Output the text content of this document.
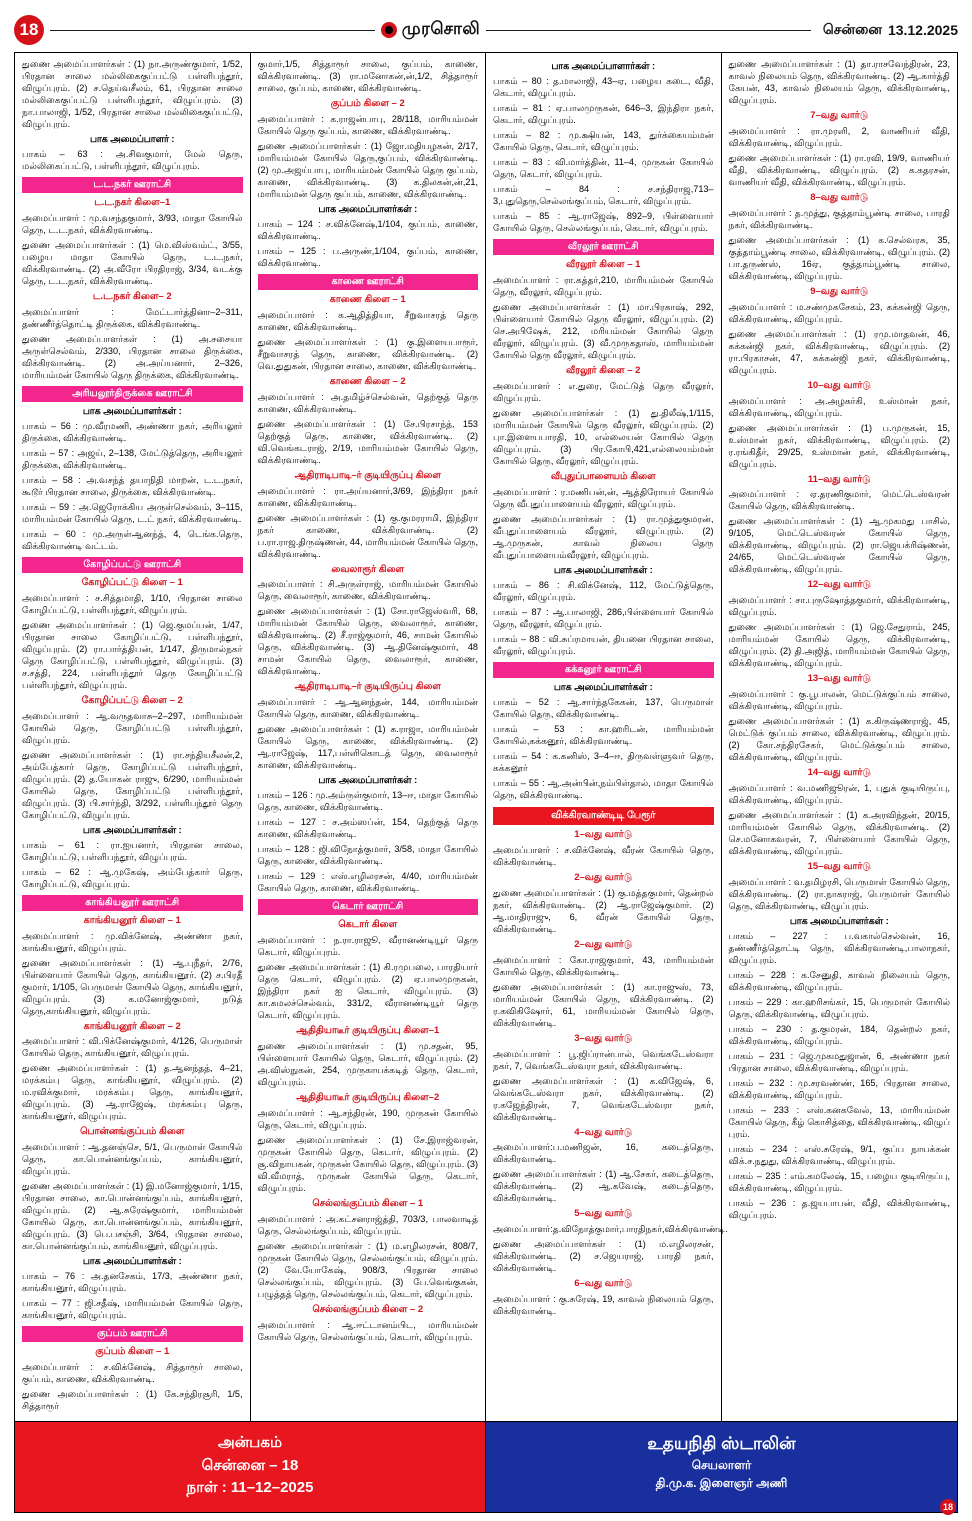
18	முரசொலி	சென்னை 13.12.2025
துணை அமைப்பாளர்கள் : (1) நா.அருண்குமார், 1/52, பிரதான சாலை மல்லிகைகுப்பட்டு பள்ளிபந்தூர், விழுப்புரம். (2) ச.தெய்வசீலம், 61, பிரதான சாலை மல்லிகைகுப்பட்டு பள்ளிபந்தூர், விழுப்புரம். (3) நா.பாலாஜி, 1/52, பிரதான சாலை மல்லிகைகுப்பட்டு, விழுப்புரம்.
பாக அமைப்பாளர் :
பாகம் – 63 : அ.சிவகுமார், மேல் தெரு, மல்லிகைப்பட்டு, பள்ளிபந்தூர், விழுப்புரம்.
ட.ட.நகர் ஊராட்சி
ட.ட.நகர் கிளை–1
அமைப்பாளர் : மு.வசந்தகுமார், 3/93, மாதா கோயில் தெரு, ட.ட.நகர், விக்கிரவாண்டி.
துணை அமைப்பாளர்கள் : (1) மெ.விஸ்வம்ட், 3/55, பழைய மாதா கோயில் தெரு, ட.ட.நகர், விக்கிரவாண்டி. (2) அ.வீரோ பிரதிராஜ், 3/34, வடக்கு தெரு, ட.ட.நகர், விக்கிரவாண்டி.
ட.ட.நகர் கிளை– 2
அமைப்பாளர் : மேட்டார்த்தினா–2–311, தண்ணீர்த்தொட்டி திருக்கை, விக்கிரவாண்டி.
துணை அமைப்பாளர்கள் : (1) அ.சசையா அருள்செல்வம், 2/330, பிரதான சாலை திருக்கை, விக்கிரவாண்டி. (2) அ.அய்யனார், 2–326, மாரியம்மன் கோயில் தெரு திருக்கை, விக்கிரவாண்டி.
அரியலூர்திருக்கை ஊராட்சி
பாக அமைப்பாளர்கள் :
பாகம் – 56 : மு.வீரமணி, அண்ணா நகர், அரியலூர் திருக்கை, விக்கிரவாண்டி.
பாகம் – 57 : அஜய், 2–138, மேட்டுத்தெரு, அரியலூர் திருக்கை, விக்கிரவாண்டி.
பாகம் – 58 : அ.வசந்த் தயாநிதி மாறன், ட.ட.நகர், கூடூர் பிரதான சாலை, திருக்கை, விக்கிரவாண்டி.
பாகம் – 59 : அ.ஜெரோக்கிய அருள்செல்வம், 3–115, மாரியம்மன் கோயில் தெரு, ட.ட் நகர், விக்கிரவாண்டி.
பாகம் – 60 : மு.அருள்ஆனந்த், 4, டெங்க.தெரு, விக்கிரவாண்டி வட்டம்.
கோழிப்பட்டு ஊராட்சி
கோழிப்பட்டு கிளை – 1
அமைப்பாளர் : ச.சித்தமாதி, 1/10, பிரதான சாலை கோழிப்பட்டு, பள்ளிபந்தூர், விழுப்புரம்.
துணை அமைப்பாளர்கள் : (1) ஜெ.குமப்பன், 1/47, பிரதான சாலை கோழிப்பட்டு, பள்ளிபந்தூர், விழுப்புரம். (2) ரா.பார்த்திபன், 1/147, திருமால்நகர் தெரு கோழிப்பட்டு, பள்ளிபந்தூர், விழுப்புரம். (3) ச.சத்தி, 224, பள்ளிபந்தூர் தெரு கோழிப்பட்டு பள்ளிபந்தூர், விழுப்புரம்.
கோழிப்பட்டு கிளை – 2
அமைப்பாளர் : ஆ.வருதவாசு–2–297, மாரியம்மன் கோயில் தெரு, கோழிப்பட்டு பள்ளிபந்தூர், விழுப்புரம்.
துணை அமைப்பாளர்கள் : (1) ரா.சந்தியசீலன்,2, அம்பேத்கார் தெரு, கோழிப்பட்டு பள்ளிபந்தூர், விழுப்புரம். (2) த.யோகன் ராஜு, 6/290, மாரியம்மன் கோயில் தெரு, கோழிப்பட்டு பள்ளிபந்தூர், விழுப்புரம். (3) பி.சார்ந்தி, 3/292, பள்ளிபந்தூர் தெரு கோழிப்பட்டு, விழுப்புரம்.
பாக அமைப்பாளர்கள் :
பாகம் – 61 : ரா.ஐயனார், பிரதான சாலை, கோழிப்பட்டு, பள்ளிபந்தூர், விழுப்புரம்.
பாகம் – 62 : ஆ.முகேஷ், அம்பேத்கார் தெரு, கோழிப்பட்டு, விழுப்புரம்.
காங்கியனூர் ஊராட்சி
காங்கியனூர் கிளை – 1
அமைப்பாளர் : மு.விக்னேஷ், அண்ணா நகர், காங்கியனூர், விழுப்புரம்.
துணை அமைப்பாளர்கள் : (1) ஆ.புநீதர், 2/76, பிள்ளையார் கோயில் தெரு, காங்கியனூர். (2) ச.பிரதீ குமார், 1/105, பெருமாள் கோயில் தெரு, காங்கியனூர், விழுப்புரம். (3) க.மனோஜ்குமார், நடுத் தெரு,காங்கியனூர், விழுப்புரம்.
காங்கியனூர் கிளை – 2
அமைப்பாளர் : வி.பிக்னேஷ்குமார், 4/126, பெருமாள் கோயில் தெரு, காங்கியனூர், விழுப்புரம்.
துணை அமைப்பாளர்கள் : (1) த.ஆனந்தத், 4–21, மரக்கம்பு தெரு, காங்கியனூர், விழுப்புரம். (2) ம.ரவிக்குமார், மரக்கம்பு தெரு, காங்கியனூர், விழுப்புரம். (3) ஆ.ராஜேஷ், மரக்கம்பு தெரு, காங்கியனூர், விழுப்புரம்.
பொன்னங்குப்பம் கிளை
அமைப்பாளர் : ஆ.தனஞ்செ, 5/1, பெருமாள் கோயில் தெரு, கா.பொன்னங்குப்பம், காங்கியனூர், விழுப்புரம்.
துணை அமைப்பாளர்கள் : (1) இ.மனோஜ்குமார், 1/15, பிரதான சாலை, கா.பொன்னங்குப்பம், காங்கியனூர், விழுப்புரம். (2) ஆ.சுரேஷ்குமார், மாரியம்மன் கோயில் தெரு, கா.பொன்னங்குப்பம், காங்கியனூர், விழுப்புரம். (3) பெ.பசஞ்சி, 3/64, பிரதான சாலை, கா.பொன்னங்குப்பம், காங்கியனூர், விழுப்புரம்.
பாக அமைப்பாளர்கள் :
பாகம் – 76 : அ.தனசேகம், 17/3, அண்ணா நகர், காங்கியனூர், விழுப்புரம்.
பாகம் – 77 : ஜி.சதீஷ், மாரியம்மன் கோயில் தெரு, காங்கியனூர், விழுப்புரம்.
குப்பம் ஊராட்சி
குப்பம் கிளை – 1
அமைப்பாளர் : ச.விக்னேஷ், சித்தாரூர் சாலை, குப்பம், காணை, விக்கிரவாண்டி.
துணை அமைப்பாளர்கள் : (1) கே.சந்திரசூரி, 1/5, சித்தாரூர்
குமார்,1/5, சித்தாரூர் சாலை, குப்பம், காணை, விக்கிரவாண்டி. (3) ரா.மனோகன்,ன்,1/2, சித்தாரூர் சாலை, குப்பம், காணை, விக்கிரவாண்டி.
குப்பம் கிளை – 2
அமைப்பாளர் : க.ராஜன்பாபு, 28/118, மாரியம்மன் கோயில் தெரு குப்பம், காணை, விக்கிரவாண்டி.
துணை அமைப்பாளர்கள் : (1) ஜோ.மதியழகன், 2/17, மாரியம்மன் கோயில் தெரு,குப்பம், விக்கிரவாண்டி. (2) மு.அஜய்பாபு, மாரியம்மன் கோயில் தெரு குப்பம், காணை, விக்கிரவாண்டி. (3) க.திலகன்,ன்,21, மாரியம்மன் தெரு குப்பம், காணை, விக்கிரவாண்டி.
பாக அமைப்பாளர்கள் :
பாகம் – 124 : ச.விக்னேஷ்,1/104, குப்பம், காணை, விக்கிரவாண்டி.
பாகம் – 125 : ப.அருண்,1/104, குப்பம், காணை, விக்கிரவாண்டி.
காணை ஊராட்சி
காணை கிளை – 1
அமைப்பாளர் : க.ஆதித்தியா, சீறுவாசரத் தெரு காணை, விக்கிரவாண்டி.
துணை அமைப்பாளர்கள் : (1) கு.இளையபாரூர், சீறுவாசரத் தெரு, காணை, விக்கிரவாண்டி. (2) வெ.துதுகன், பிரதான சாலை, காணை, விக்கிரவாண்டி.
காணை கிளை – 2
அமைப்பாளர் : அ.தமிழ்ச்செல்வன், தெற்குத் தெரு காணை, விக்கிரவாண்டி.
துணை அமைப்பாளர்கள் : (1) சே.பிரசாந்த், 153 தெற்குத் தெரு, காணை, விக்கிரவாண்டி. (2) வி.வெங்கடராஜ், 2/19, மாரியம்மன் கோயில் தெரு, விக்கிரவாண்டி.
ஆதிராடிபாடி–ர் குடியிருப்பு கிளை
அமைப்பாளர் : ரா.அய்யனார்,3/69, இந்திரா நகர் காணை, விக்கிரவாண்டி.
துணை அமைப்பாளர்கள் : (1) கு.குமரராமி, இந்திரா நகர் காணை, விக்கிரவாண்டி. (2) ப.ரா.ராஜ.திருஷ்ணன், 44, மாரியம்மன் கோயில் தெரு, விக்கிரவாண்டி.
வைலாரூர் கிளை
அமைப்பாளர் : சி.அருள்ராஜ், மாரியம்மன் கோயில் தெரு, வைலாரூர், காணை, விக்கிரவாண்டி.
துணை அமைப்பாளர்கள் : (1) சோ.ராஜேஸ்வரி, 68, மாரியம்மன் கோயில் தெரு, வைலாரூர், காணை, விக்கிரவாண்டி. (2) சீ.ராஜ்குமார், 46, சாமன் கோயில் தெரு, விக்கிரவாண்டி. (3) ஆ.தினேஷ்குமார், 48 சாமன் கோயில் தெரு, வைலாரூர், காணை, விக்கிரவாண்டி.
ஆதிராடிபாடி–ர் குடியிருப்பு கிளை
அமைப்பாளர் : ஆ.ஆனந்தன், 144, மாரியம்மன் கோயில் தெரு, காணை, விக்கிரவாண்டி.
துணை அமைப்பாளர்கள் : (1) க.ராஜா, மாரியம்மன் கோயில் தெரு, காணை, விக்கிரவாண்டி. (2) ஆ.ராஜேஷ், 117,பள்ளிகொடத் தெரு, வைலாரூர் காணை, விக்கிரவாண்டி.
பாக அமைப்பாளர்கள் :
பாகம் – 126 : மு.அம்ருள்குமார், 13–ஈ, மாதா கோயில் தெரு, காணை, விக்கிரவாண்டி.
பாகம் – 127 : ச.அம்ஸப்ன், 154, தெற்குத் தெரு காணை, விக்கிரவாண்டி.
பாகம் – 128 : ஜி.விநோத்குமார், 3/58, மாதா கோயில் தெரு, காணை, விக்கிரவாண்டி.
பாகம் – 129 : எஸ்.எழிலரசன், 4/40, மாரியம்மன் கோயில் தெரு, காணை, விக்கிரவாண்டி.
கெடார் ஊராட்சி
கெடார் கிளை
அமைப்பாளர் : ந.ரா.ராஜூ, வீரானண்டியூர் தெரு கெடார், விழுப்புரம்.
துணை அமைப்பாளர்கள் : (1) கி.ரமுபலை, பாரதியார் தெரு கெடார், விழுப்புரம். (2) ஏ.பாலமுருகன், இந்திரா நகர் ஐ கெடார், விழுப்புரம். (3) கா.கமலச்செல்வம், 331/2, வீரானண்டியூர் தெரு கெடார், விழுப்புரம்.
ஆதிதியாடீர் குடியிருப்பு கிளை–1
துணை அமைப்பாளர்கள் : (1) மு.சதன், 95, பிள்ளையார் கோயில் தெரு, கெடார், விழுப்புரம். (2) அ.விஸ்நுகன், 254, முருகாயக்கடித் தெரு, கெடார், விழுப்புரம்.
ஆதிதியாடீர் குடியிருப்பு கிளை–2
அமைப்பாளர் : ஆ.சந்திரன், 190, முருகன் கோயில் தெரு, கெடார், விழுப்புரம்.
துணை அமைப்பாளர்கள் : (1) சே.இராஜ்வரன், முருகன் கோயில் தெரு, கெடார், விழுப்புரம். (2) சூ.விநாயகன், முருகன் கோயில் தெரு, விழுப்புரம். (3) வி.வீமராத், முருகன் கோயில் தெரு, கெடார், விழுப்புரம்.
செல்லங்குப்பம் கிளை – 1
அமைப்பாளர் : அ.கட்சனராஜ்த்தி, 703/3, பாலவாடித் தெரு, செல்லங்குப்பம், விழுப்புரம்.
துணை அமைப்பாளர்கள் : (1) ம.எழிலரசன், 808/7, முருகன் கோயில் தெரு, செல்லங்குப்பம், விழுப்புரம். (2) வே.யோகேஷ், 908/3, பிரதான சாலை செல்லங்குப்பம், விழுப்புரம். (3) பே.வெங்குகன், பழுத்தத் தெரு, செல்லங்குப்பம், கெடார், விழுப்புரம்.
செல்லங்குப்பம் கிளை – 2
அமைப்பாளர் : ஆ.ஈட்டானம்பிட, மாரியம்மன் கோயில் தெரு, செல்லங்குப்பம், கெடார், விழுப்புரம்.
பாக அமைப்பாளார்கள் :
பாகம் – 80 : த.மாலாஜி, 43–ஏ, பழைய கடை, வீதி, கெடார், விழுப்புரம்.
பாகம் – 81 : ஏ.பாலமுருகன், 646–3, இந்திரா நகர், கெடார், விழுப்புரம்.
பாகம் – 82 : மு.க்ஷியன், 143, துர்க்கையம்மன் கோயில் தெரு, கெடார், விழுப்புரம்.
பாகம் – 83 : வி.மார்த்தின், 11–4, முருகன் கோயில் தெரு, கெடார், விழுப்புரம்.
பாகம் – 84 : ச.சந்திராஜ,713–3,புதுதெரு,செல்லங்குப்பம், கெடார், விழுப்புரம்.
பாகம் – 85 : ஆ.ராஜேஷ், 892–9, பிள்ளையார் கோயில் தெரு, செல்லங்குப்பம், கெடார், விழுப்புரம்.
வீரலூர் ஊராட்சி
வீரலூர் கிளை – 1
அமைப்பாளர் : ரா.கத்தர்,210, மாரியம்மன் கோயில் தெரு, வீரலூர், விழுப்புரம்.
துணை அமைப்பாளர்கள் : (1) மா.பிரகாஷ், 292, பிள்ளையார் கோயில் தெரு வீரலூர், விழுப்புரம். (2) செ.அபிஷேக், 212, மரியம்மன் கோயில் தெரு வீரலூர், விழுப்புரம். (3) வீ.முருகதாஸ், மாரியம்மன் கோயில் தெரு வீரலூர், விழுப்புரம்.
வீரலூர் கிளை – 2
அமைப்பாளர் : எ.துரை, மேட்டுத் தெரு வீரலூர், விழுப்புரம்.
துணை அமைப்பாளர்கள் : (1) து.திலீஷ்,1/115, மாரியம்மன் கோயில் தெரு வீரலூர், விழுப்புரம். (2) புா.இளையபாரதி, 10, எல்லையன் கோயில் தெரு விழுப்புரம். (3) பிர.கோபி,421,எல்லையம்மன் கோயில் தெரு, வீரலூர், விழுப்புரம்.
வீபுதுப்பாளையம் கிளை
அமைப்பாளர் : ர.மணிபன்,ன், ஆத்திரோயர் கோயில் தெரு வீபுதுப்பாளையம் வீரலூர், விழுப்புரம்.
துணை அமைப்பாளர்கள் : (1) ரா.முத்துகுமரன், வீபுதுப்பாளையம் வீரலூர், விழுப்புரம். (2) ஆ.முருகன், காவல் நிலைய தெரு வீபுதுப்பாளையம்வீரலூர், விழுப்புரம்.
பாக அமைப்பாளர்கள் :
பாகம் – 86 : சி.விக்னேஷ், 112, மேட்டுத்தெரு, வீரலூர், விழுப்புரம்.
பாகம் – 87 : ஆ.பாலாஜி, 286,பிள்ளையார் கோயில் தெரு, வீரலூர், விழுப்புரம்.
பாகம் – 88 : வி.சுப்ரமாயன், தியனை பிரதான சாலை, வீரலூர், விழுப்புரம்.
கக்கனூர் ஊராட்சி
பாக அமைப்பாளர்கள் :
பாகம் – 52 : ஆ.சார்ந்தகேகன், 137, பெருமாள் கோயில் தெரு, விக்கிரவாண்டி.
பாகம் – 53 : கா.ஹரிடன், மாரியம்மன் கோயில்,கக்கனூர், விக்கிரவாண்டி.
பாகம் – 54 : க.கனிஸ், 3–4–ஈ, திருவள்ளுவர் தெரு, கக்கனூர்
பாகம் – 55 : ஆ.அன்பின்,நம்பிள்தால், மாதா கோயில் தெரு, விக்கிரவாண்டி.
விக்கிரவாண்டிடி பேரூர்
1–வது வார்டு
அமைப்பாளர் : ச.விக்னேஷ், வீரன் கோயில் தெரு, விக்கிரவாண்டி.
2–வது வார்டு
துணை அமைப்பாளர்கள் : (1) கு.மத்தகுமார், தென்றல் நகர், விக்கிரவாண்டி. (2) ஆ.ராஜேஷ்குமார். (2) ஆ.மாதிராஜு, 6, வீரன் கோயில் தெரு, விக்கிரவாண்டி.
2–வது வார்டு
அமைப்பாளர் : கோ.ராஜகுமார், 43, மாரியம்மன் கோயில் தெரு, விக்கிரவாண்டி.
துணை அமைப்பாளர்கள் : (1) கா.ராஜுஸ், 73, மாரியம்மன் கோயில் தெரு, விக்கிரவாண்டி. (2) ர.கவிகிஷோர், 61, மாரியம்மன் கோயில் தெரு, விக்கிரவாண்டி.
3–வது வார்டு
அமைப்பாளர் : பூ.ஜிப்ரான்பால், வெங்கடேஸ்வரா நகர், 7, வெங்கடேஸ்வரா நகர், விக்கிரவாண்டி.
துணை அமைப்பாளர்கள் : (1) க.விஜேஷ், 6, வெங்கடேஸ்வரா நகர், விக்கிரவாண்டி. (2) ர.கஜேந்திரன், 7, வெங்கடேஸ்வரா நகர், விக்கிரவாண்டி.
4–வது வார்டு
அமைப்பாளர்:ப.மணிஜன், 16, கடைத்தெரு, விக்கிரவாண்டி.
துணை அமைப்பாளர்கள் : (1) ஆ.சேகர், கடைத்தெரு, விக்கிரவாண்டி. (2) ஆ.கவேஷ், கடைத்தெரு, விக்கிரவாண்டி.
5–வது வார்டு
அமைப்பாளர்:த.விநோத்குமார்,பாரதிநகர்,விக்கிரவாண்டி.
துணை அமைப்பாளர்கள் : (1) ம.எழிலரசன், விக்கிரவாண்டி. (2) ச.ஜெயராஜ், பாரதி நகர், விக்கிரவாண்டி.
6–வது வார்டு
அமைப்பாளர் : கு.சுரேஷ், 19, காவல் நிலையம் தெரு, விக்கிரவாண்டி.
துணை அமைப்பாளர்கள் : (1) தா.ராசவேந்திரன், 23, காவல் நிலையம் தெரு, விக்கிரவாண்டி. (2) ஆ.கார்த்தி கேயன், 43, காவல் நிலையம் தெரு, விக்கிரவாண்டி, விழுப்புரம்.
7–வது வார்டு
அமைப்பாளர் : ரா.முரளி, 2, வாணியர் வீதி, விக்கிரவாண்டி, விழுப்புரம்.
துணை அமைப்பாளர்கள் : (1) ரா.ரவி, 19/9, வாணியர் வீதி, விக்கிரவாண்டி, விழுப்புரம். (2) க.கதரசன், வாணியர் வீதி, விக்கிரவாண்டி, விழுப்புரம்.
8–வது வார்டு
அமைப்பாளர் : த.முத்து, குத்தாம்பூண்டி சாலை, பாரதி நகர், விக்கிரவாண்டி.
துணை அமைப்பாளர்கள் : (1) க.செல்வரசு, 35, குத்தாம்பூண்டி சாலை, விக்கிரவாண்டி, விழுப்புரம். (2) பா.தருண்ஸ், 16ஏ, குத்தாம்பூண்டி சாலை, விக்கிரவாண்டி, விழுப்புரம்.
9–வது வார்டு
அமைப்பாளர் : ம.சண்முகசேகம், 23, கக்கன்ஜி தெரு, விக்கிரவாண்டி, விழுப்புரம்.
துணை அமைப்பாளர்கள் : (1) ரமு.மாதவன், 46, கக்கன்ஜி நகர், விக்கிரவாண்டி, விழுப்புரம். (2) ரா.பிரகாசன், 47, கக்கன்ஜி நகர், விக்கிரவாண்டி, விழுப்புரம்.
10–வது வார்டு
அமைப்பாளர் : அ.அழகர்கி, உஸ்மான் நகர், விக்கிரவாண்டி, விழுப்புரம்.
துணை அமைப்பாளர்கள் : (1) ப.முருகன், 15, உஸ்மான் நகர், விக்கிரவாண்டி, விழுப்புரம். (2) ர.ரங்கிதீர், 29/25, உஸ்மான் நகர், விக்கிரவாண்டி, விழுப்புரம்.
11–வது வார்டு
அமைப்பாளர் : ஏ.தரணிகுமார், மெட்டெஸ்வரன் கோயில் தெரு, விக்கிரவாண்டி.
துணை அமைப்பாளர்கள் : (1) ஆ.முகமது பாசில், 9/105, மெட்டெஸ்வரன் கோயில் தெரு, விக்கிரவாண்டி, விழுப்புரம். (2) ரா.ஜெயக்ரிஷ்ணன், 24/65, மெட்டெஸ்வரன் கோயில் தெரு, விக்கிரவாண்டி, விழுப்புரம்.
12–வது வார்டு
அமைப்பாளர் : சா.புருஷோத்தகுமார், விக்கிரவாண்டி, விழுப்புரம்.
துணை அமைப்பாளர்கள் : (1) ஜெ.சேதுராம், 245, மாரியம்மன் கோயில் தெரு, விக்கிரவாண்டி, விழுப்புரம். (2) தி.அஜித், மாரியம்மன் கோயில் தெரு, விக்கிரவாண்டி, விழுப்புரம்.
13–வது வார்டு
அமைப்பாளர் : கு.பூபாலன், மெட்டுக்குப்பம் சாலை, விக்கிரவாண்டி, விழுப்புரம்.
துணை அமைப்பாளர்கள் : (1) க.கிருஷ்ணராஜ், 45, மெட்டுக் குப்பம் சாலை, விக்கிரவாண்டி, விழுப்புரம். (2) கோ.சந்திரசேகர், மெட்டுக்குப்பம் சாலை, விக்கிரவாண்டி, விழுப்புரம்.
14–வது வார்டு
அமைப்பாளர் : வ.மணிஜூரன், 1, புதுக் குடியிருப்பு, விக்கிரவாண்டி, விழுப்புரம்.
துணை அமைப்பாளர்கள் : (1) க.அரவிந்தன், 20/15, மாரியம்மன் கோயில் தெரு, விக்கிரவாண்டி. (2) செ.மனோகவரன், 7, பிள்ளையார் கோயில் தெரு, விக்கிரவாண்டி, விழுப்புரம்.
15–வது வார்டு
அமைப்பாளர் : வ.தமிழரசி, பெருமாள் கோயில் தெரு, விக்கிரவாண்டி. (2) ரா.நாகராஜ், பெருமாள் கோயில் தெரு, விக்கிரவாண்டி, விழுப்புரம்.
பாக அமைப்பாளர்கள் :
பாகம் – 227 : ப.வகால்செல்வன், 16, தண்ணீர்த்தொட்டி தெரு, விக்கிரவாண்டி,பாலாநகர், விழுப்புரம்.
பாகம் – 228 : க.சேனுதி, காவல் நிலையம் தெரு, விக்கிரவாண்டி, விழுப்புரம்.
பாகம் – 229 : கா.ஹரிசங்கர், 15, பெருமாள் கோயில் தெரு, விக்கிரவாண்டி, விழுப்புரம்.
பாகம் – 230 : த.குமரன், 184, தென்றல் நகர், விக்கிரவாண்டி, விழுப்புரம்.
பாகம் – 231 : ஜெ.முகமதுஜான், 6, அண்ணா நகர் பிரதான சாலை, விக்கிரவாண்டி, விழுப்புரம்.
பாகம் – 232 : மு.சரவண்ண், 165, பிரதான சாலை, விக்கிரவாண்டி, விழுப்புரம்.
பாகம் – 233 : எஸ்.கனகவேல், 13, மாரியம்மன் கோயில் தெரு, கீழ் கொசித்தை, விக்கிரவாண்டி, விழுப் புரம்.
பாகம் – 234 : எஸ்.சுரேஷ், 9/1, குப்ப நாயக்கன் விக்.ச.நதுது, விக்கிரவாண்டி, விழுப்புரம்.
பாகம் – 235 : எம்.கமலேஷ், 15, பழைய குடியிருப்பு, விக்கிரவாண்டி, விழுப்புரம்.
பாகம் – 236 : த.ஜயபாபன், வீதி, விக்கிரவாண்டி, விழுப்புரம்.
அன்பகம்
சென்னை – 18
நாள் : 11–12–2025
உதயநிதி ஸ்டாலின்
செயலாளர்
தி.மு.க. இளைஞர் அணி
18
